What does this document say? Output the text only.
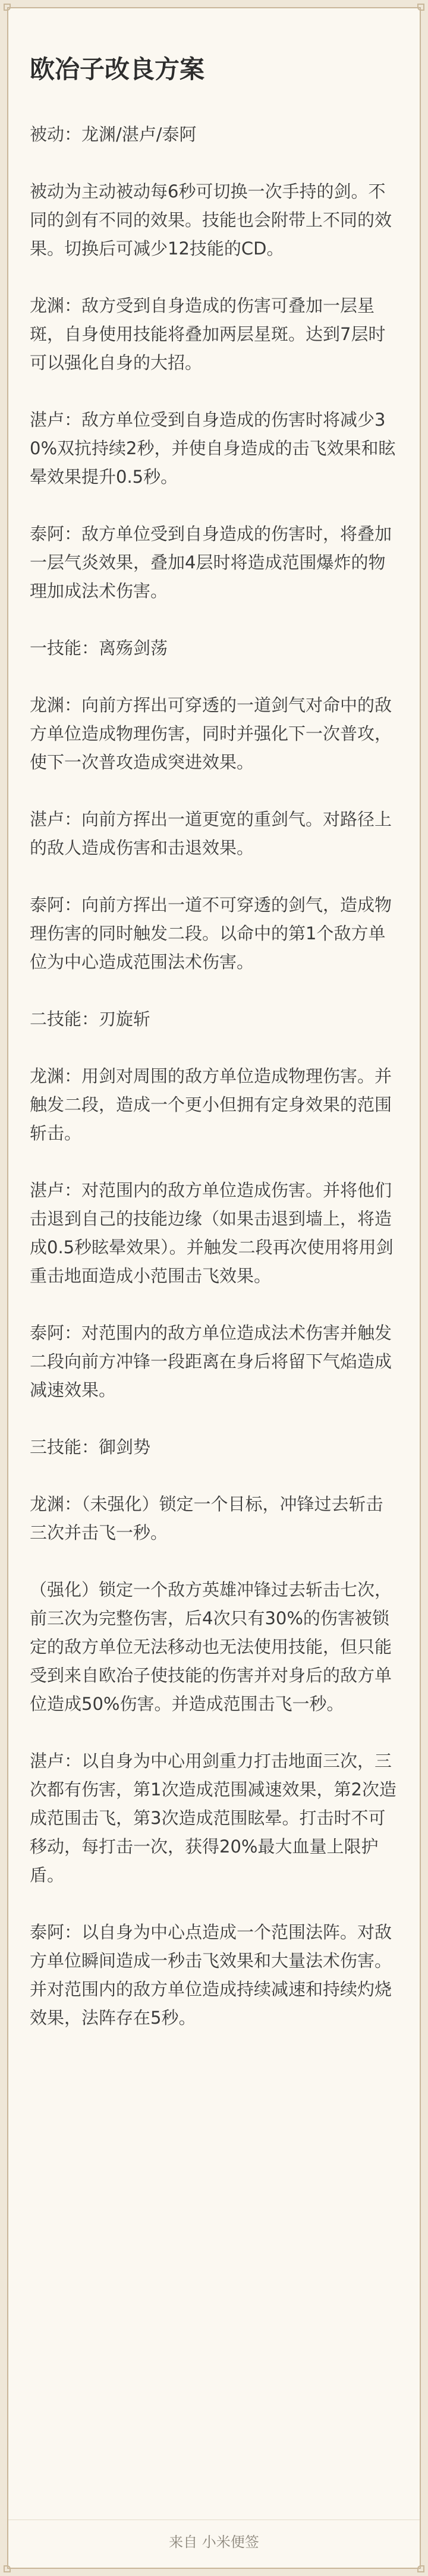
欧冶子改良方案
被动：龙渊/湛卢/泰阿
被动为主动被动每6秒可切换一次手持的剑。不同的剑有不同的效果。技能也会附带上不同的效果。切换后可减少12技能的CD。
龙渊：敌方受到自身造成的伤害可叠加一层星斑，自身使用技能将叠加两层星斑。达到7层时可以强化自身的大招。
湛卢：敌方单位受到自身造成的伤害时将减少30%双抗持续2秒，并使自身造成的击飞效果和眩晕效果提升0.5秒。
泰阿：敌方单位受到自身造成的伤害时，将叠加一层气炎效果，叠加4层时将造成范围爆炸的物理加成法术伤害。
一技能：离殇剑荡
龙渊：向前方挥出可穿透的一道剑气对命中的敌方单位造成物理伤害，同时并强化下一次普攻，使下一次普攻造成突进效果。
湛卢：向前方挥出一道更宽的重剑气。对路径上的敌人造成伤害和击退效果。
泰阿：向前方挥出一道不可穿透的剑气，造成物理伤害的同时触发二段。以命中的第1个敌方单位为中心造成范围法术伤害。
二技能：刃旋斩
龙渊：用剑对周围的敌方单位造成物理伤害。并触发二段，造成一个更小但拥有定身效果的范围斩击。
湛卢：对范围内的敌方单位造成伤害。并将他们击退到自己的技能边缘（如果击退到墙上，将造成0.5秒眩晕效果）。并触发二段再次使用将用剑重击地面造成小范围击飞效果。
泰阿：对范围内的敌方单位造成法术伤害并触发二段向前方冲锋一段距离在身后将留下气焰造成减速效果。
三技能：御剑势
龙渊：（未强化）锁定一个目标，冲锋过去斩击三次并击飞一秒。
（强化）锁定一个敌方英雄冲锋过去斩击七次，前三次为完整伤害，后4次只有30%的伤害被锁定的敌方单位无法移动也无法使用技能，但只能受到来自欧冶子使技能的伤害并对身后的敌方单位造成50%伤害。并造成范围击飞一秒。
湛卢：以自身为中心用剑重力打击地面三次，三次都有伤害，第1次造成范围减速效果，第2次造成范围击飞，第3次造成范围眩晕。打击时不可移动，每打击一次，获得20%最大血量上限护盾。
泰阿：以自身为中心点造成一个范围法阵。对敌方单位瞬间造成一秒击飞效果和大量法术伤害。并对范围内的敌方单位造成持续减速和持续灼烧效果，法阵存在5秒。
来自 小米便签
